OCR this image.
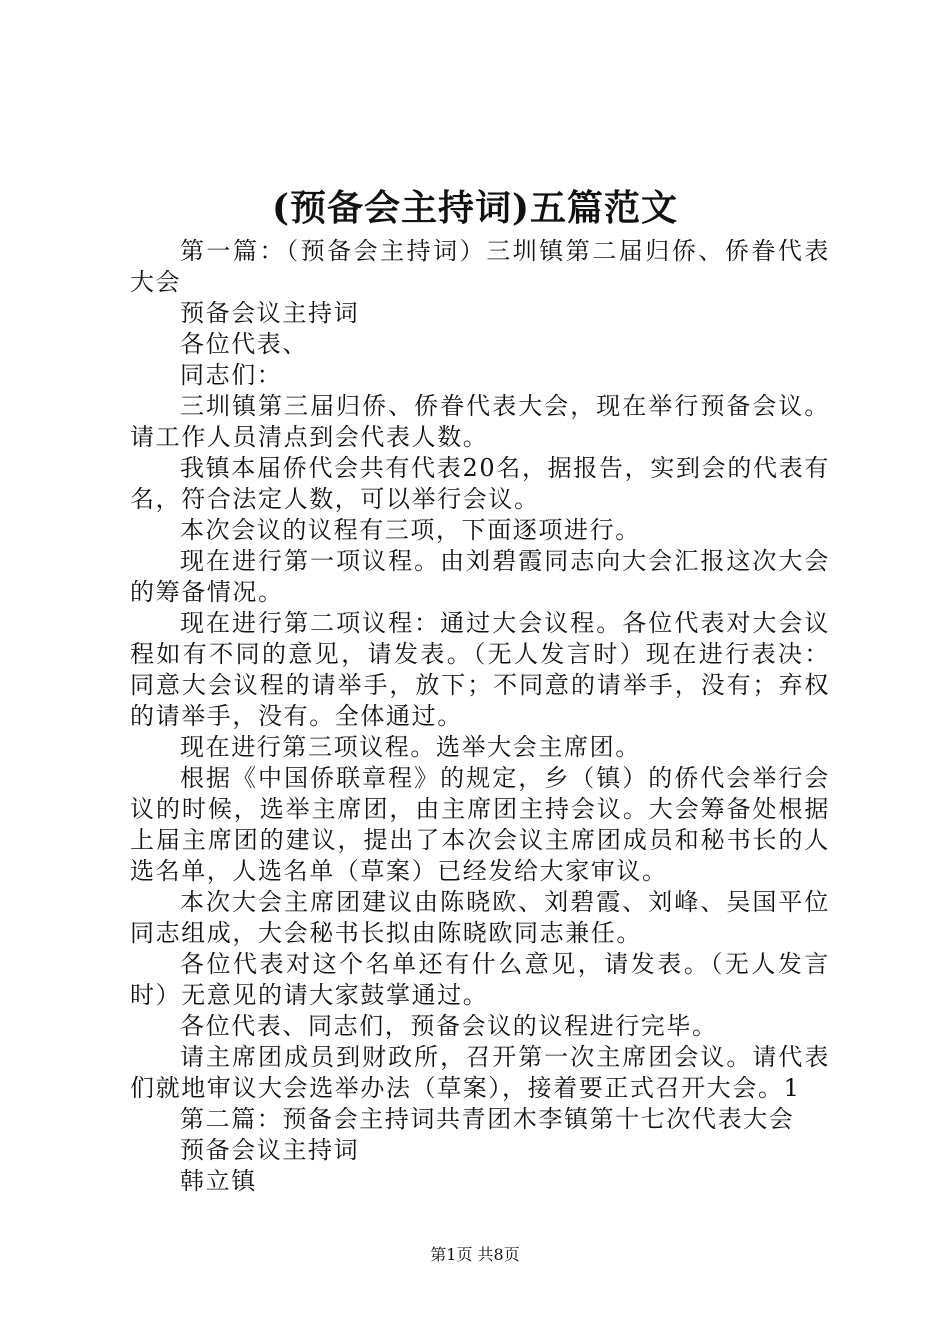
(预备会主持词)五篇范文

第一篇：（预备会主持词）三圳镇第二届归侨、侨眷代表大会

预备会议主持词

各位代表、

同志们：

三圳镇第三届归侨、侨眷代表大会，现在举行预备会议。请工作人员清点到会代表人数。

我镇本届侨代会共有代表20名，据报告，实到会的代表有名，符合法定人数，可以举行会议。

本次会议的议程有三项，下面逐项进行。

现在进行第一项议程。由刘碧霞同志向大会汇报这次大会的筹备情况。

现在进行第二项议程：通过大会议程。各位代表对大会议程如有不同的意见，请发表。（无人发言时）现在进行表决：同意大会议程的请举手，放下；不同意的请举手，没有；弃权的请举手，没有。全体通过。

现在进行第三项议程。选举大会主席团。

根据《中国侨联章程》的规定，乡（镇）的侨代会举行会议的时候，选举主席团，由主席团主持会议。大会筹备处根据上届主席团的建议，提出了本次会议主席团成员和秘书长的人选名单，人选名单（草案）已经发给大家审议。

本次大会主席团建议由陈晓欧、刘碧霞、刘峰、吴国平位同志组成，大会秘书长拟由陈晓欧同志兼任。

各位代表对这个名单还有什么意见，请发表。（无人发言时）无意见的请大家鼓掌通过。

各位代表、同志们，预备会议的议程进行完毕。

请主席团成员到财政所，召开第一次主席团会议。请代表们就地审议大会选举办法（草案），接着要正式召开大会。1

第二篇：预备会主持词共青团木李镇第十七次代表大会

预备会议主持词

韩立镇

第1页 共8页
